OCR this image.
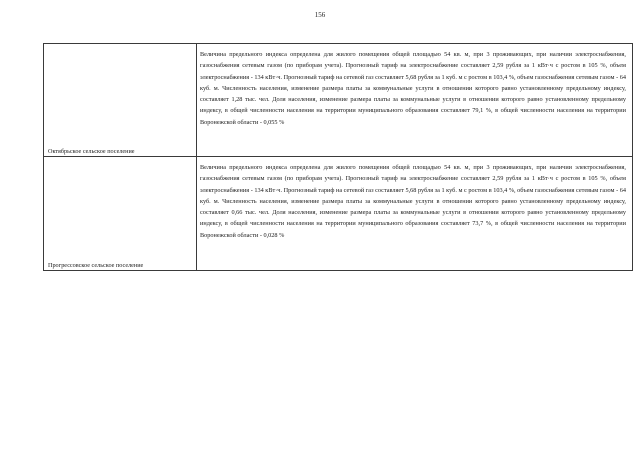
156
Октябрьское сельское поселение	Величина предельного индекса определена для жилого помещения общей площадью 54 кв. м, при 3 проживающих, при наличии электроснабжения, газоснабжения сетевым газом (по приборам учета). Прогнозный тариф на электроснабжение составляет 2,59 рубля за 1 кВт·ч с ростом в 105 %, объем электроснабжения - 134 кВт·ч. Прогнозный тариф на сетевой газ составляет 5,68 рубля за 1 куб. м с ростом в 103,4 %, объем газоснабжения сетевым газом - 64 куб. м. Численность населения, изменение размера платы за коммунальные услуги в отношении которого равно установленному предельному индексу, составляет 1,28 тыс. чел. Доля населения, изменение размера платы за коммунальные услуги в отношении которого равно установленному предельному индексу, в общей численности населения на территории муниципального образования составляет 79,1 %, в общей численности населения на территории Воронежской области - 0,055 %

Прогрессовское сельское поселение	Величина предельного индекса определена для жилого помещения общей площадью 54 кв. м, при 3 проживающих, при наличии электроснабжения, газоснабжения сетевым газом (по приборам учета). Прогнозный тариф на электроснабжение составляет 2,59 рубля за 1 кВт·ч с ростом в 105 %, объем электроснабжения - 134 кВт·ч. Прогнозный тариф на сетевой газ составляет 5,68 рубля за 1 куб. м с ростом в 103,4 %, объем газоснабжения сетевым газом - 64 куб. м. Численность населения, изменение размера платы за коммунальные услуги в отношении которого равно установленному предельному индексу, составляет 0,66 тыс. чел. Доля населения, изменение размера платы за коммунальные услуги в отношении которого равно установленному предельному индексу, в общей численности населения на территории муниципального образования составляет 73,7 %, в общей численности населения на территории Воронежской области - 0,028 %
